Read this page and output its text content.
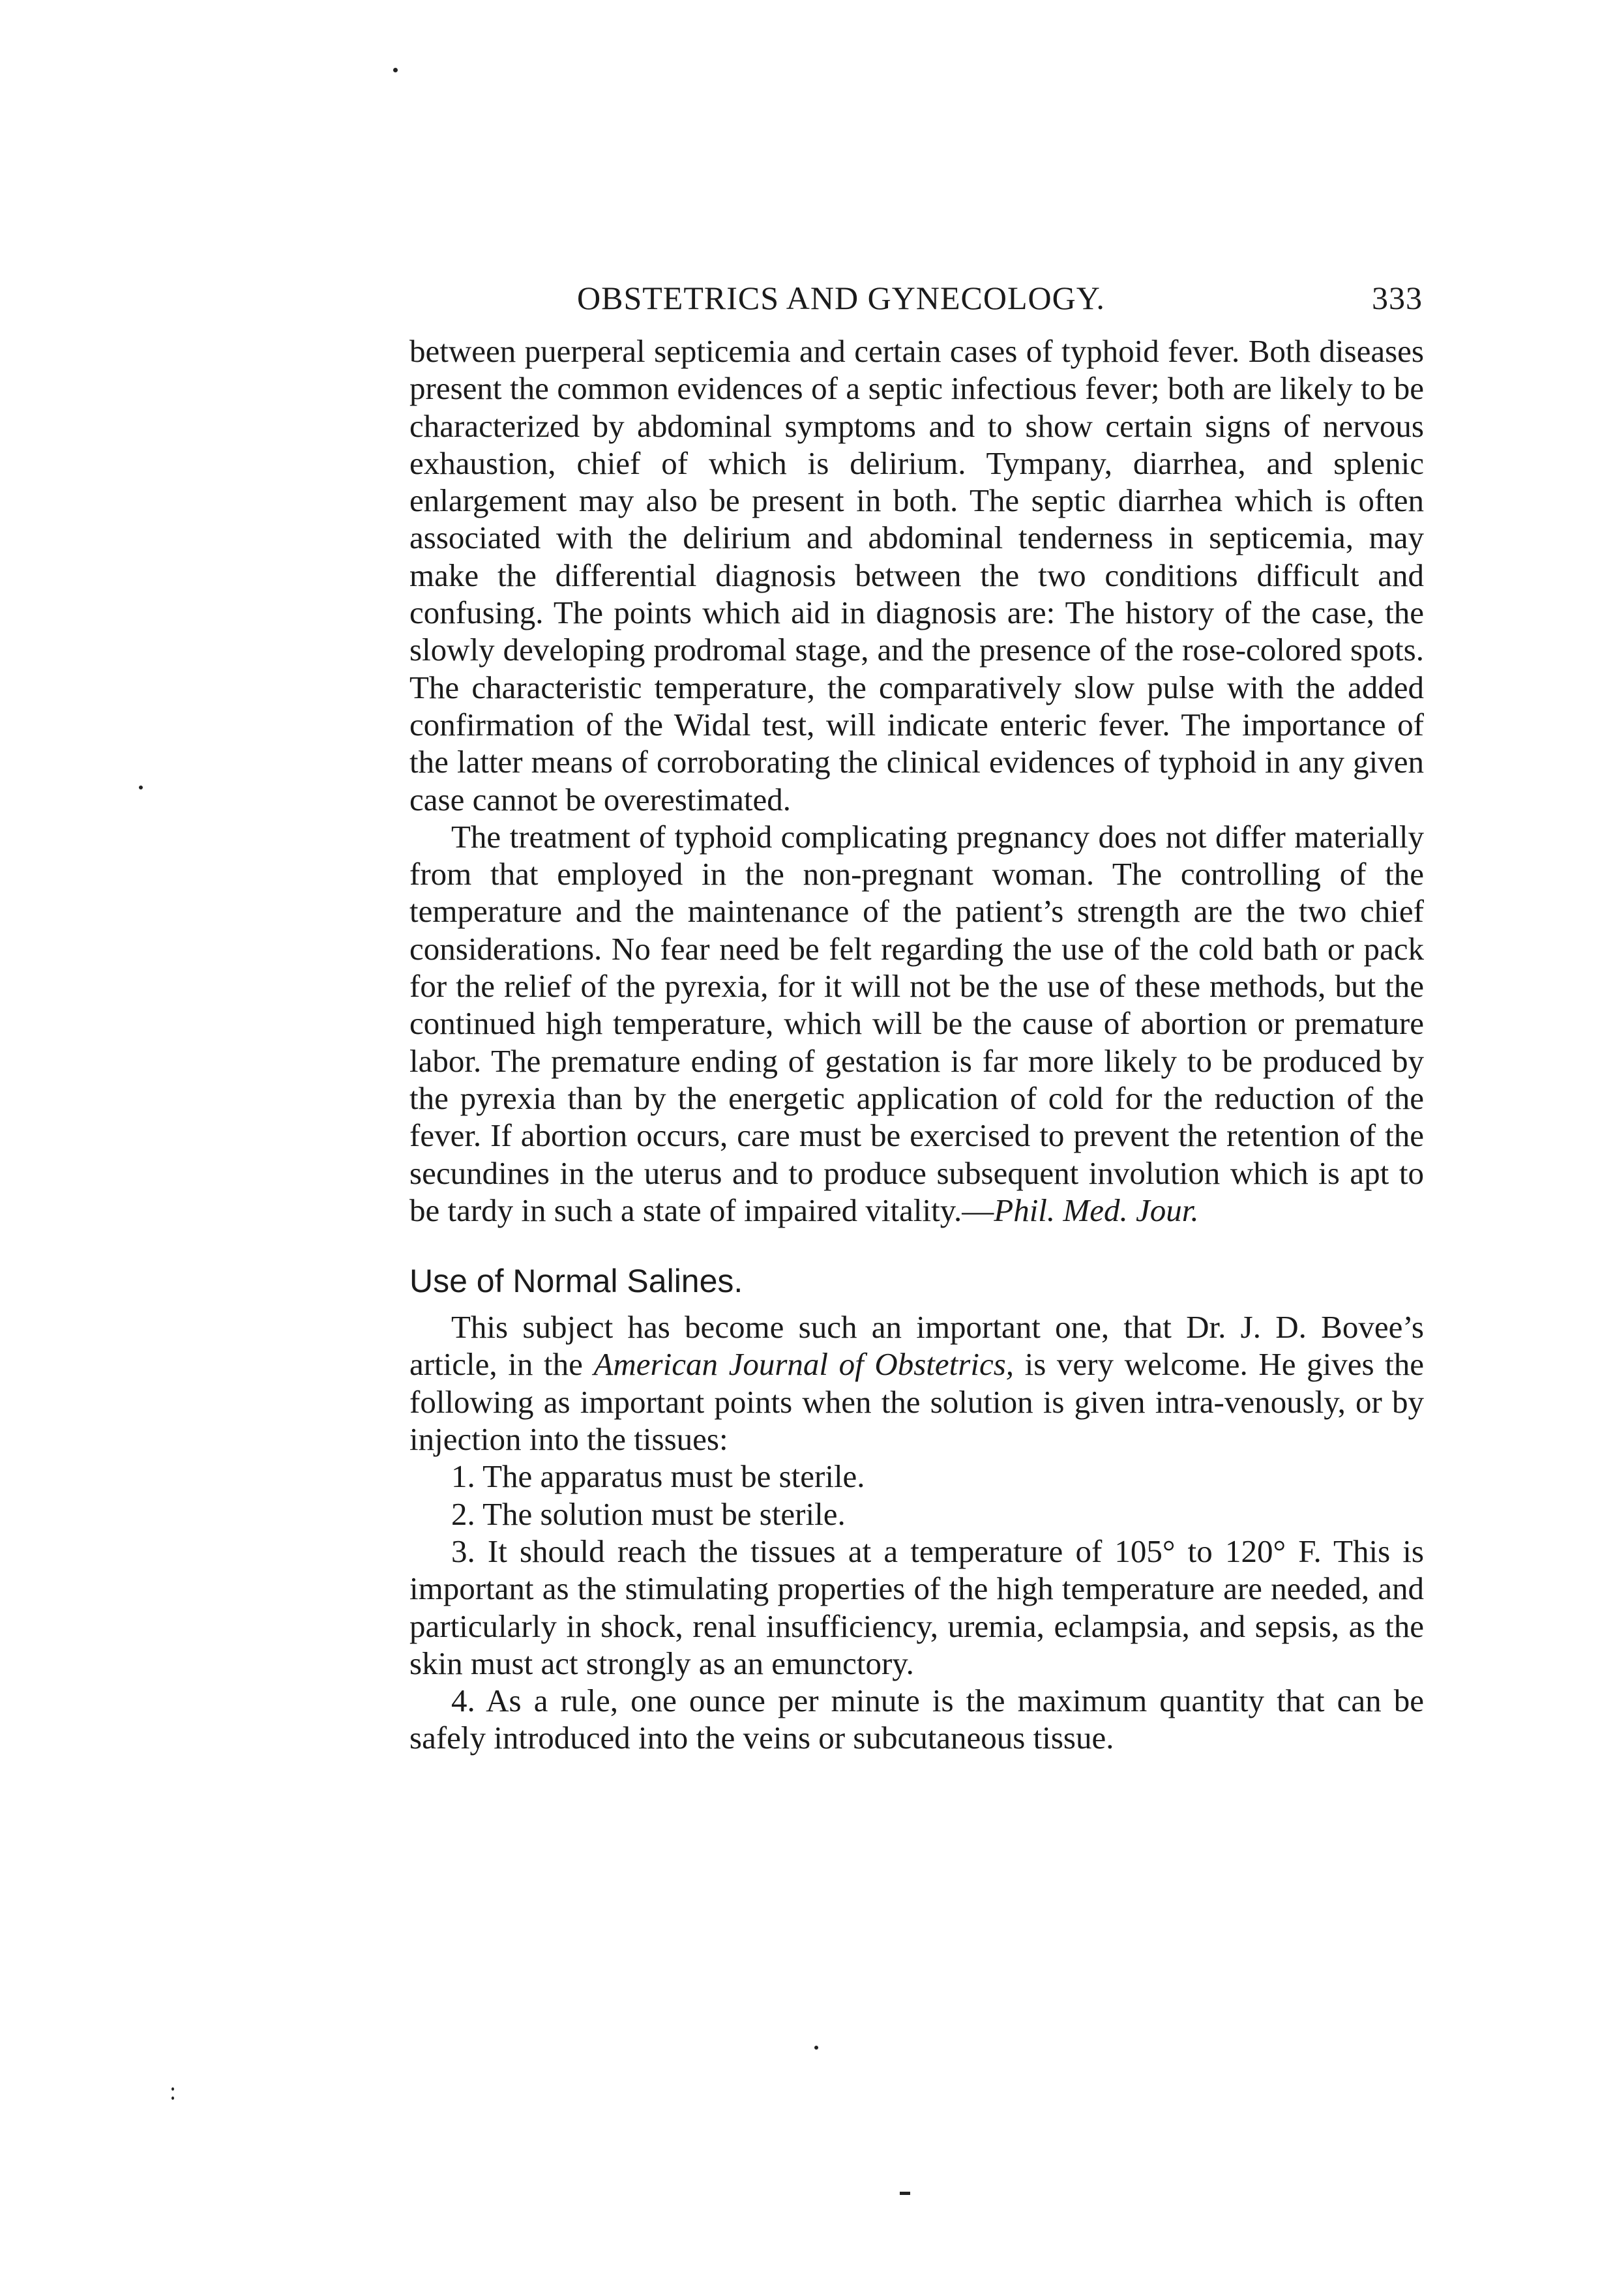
OBSTETRICS AND GYNECOLOGY.	333

between puerperal septicemia and certain cases of typhoid fever. Both diseases present the common evidences of a septic infectious fever; both are likely to be characterized by abdominal symptoms and to show certain signs of nervous exhaustion, chief of which is delirium. Tympany, diarrhea, and splenic enlargement may also be present in both. The septic diarrhea which is often associated with the delirium and abdominal tenderness in septicemia, may make the differential diagnosis between the two conditions difficult and confusing. The points which aid in diagnosis are: The history of the case, the slowly developing prodromal stage, and the presence of the rose-colored spots. The characteristic temperature, the comparatively slow pulse with the added confirmation of the Widal test, will indicate enteric fever. The importance of the latter means of corroborating the clinical evidences of typhoid in any given case cannot be overestimated.

The treatment of typhoid complicating pregnancy does not differ materially from that employed in the non-pregnant woman. The controlling of the temperature and the maintenance of the patient’s strength are the two chief considerations. No fear need be felt regarding the use of the cold bath or pack for the relief of the pyrexia, for it will not be the use of these methods, but the continued high temperature, which will be the cause of abortion or premature labor. The premature ending of gestation is far more likely to be produced by the pyrexia than by the energetic application of cold for the reduction of the fever. If abortion occurs, care must be exercised to prevent the retention of the secundines in the uterus and to produce subsequent involution which is apt to be tardy in such a state of impaired vitality.—Phil. Med. Jour.

Use of Normal Salines.

This subject has become such an important one, that Dr. J. D. Bovee’s article, in the American Journal of Obstetrics, is very welcome. He gives the following as important points when the solution is given intra-venously, or by injection into the tissues:

1. The apparatus must be sterile.

2. The solution must be sterile.

3. It should reach the tissues at a temperature of 105° to 120° F. This is important as the stimulating properties of the high temperature are needed, and particularly in shock, renal insufficiency, uremia, eclampsia, and sepsis, as the skin must act strongly as an emunctory.

4. As a rule, one ounce per minute is the maximum quantity that can be safely introduced into the veins or subcutaneous tissue.
